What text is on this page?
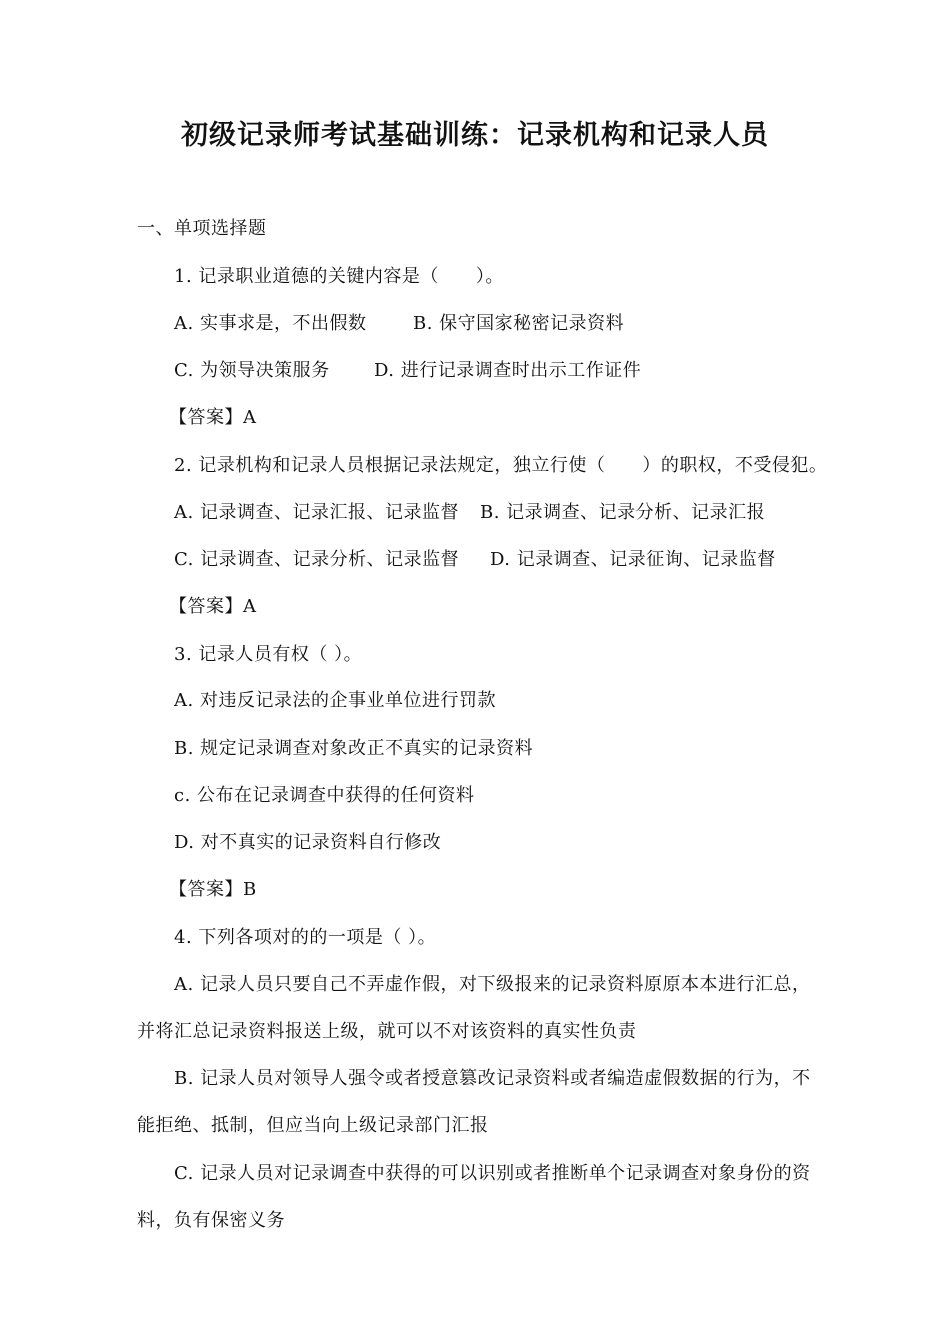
初级记录师考试基础训练：记录机构和记录人员
一、单项选择题
1. 记录职业道德的关键内容是（　　）。
A. 实事求是，不出假数	B. 保守国家秘密记录资料
C. 为领导决策服务 D. 进行记录调查时出示工作证件
【答案】A
2. 记录机构和记录人员根据记录法规定，独立行使（　　）的职权，不受侵犯。
A. 记录调查、记录汇报、记录监督 B. 记录调查、记录分析、记录汇报
C. 记录调查、记录分析、记录监督 D. 记录调查、记录征询、记录监督
【答案】A
3. 记录人员有权（ ）。
A. 对违反记录法的企事业单位进行罚款
B. 规定记录调查对象改正不真实的记录资料
c. 公布在记录调查中获得的任何资料
D. 对不真实的记录资料自行修改
【答案】B
4. 下列各项对的的一项是（ ）。
A. 记录人员只要自己不弄虚作假，对下级报来的记录资料原原本本进行汇总，
并将汇总记录资料报送上级，就可以不对该资料的真实性负责
B. 记录人员对领导人强令或者授意篡改记录资料或者编造虚假数据的行为，不
能拒绝、抵制，但应当向上级记录部门汇报
C. 记录人员对记录调查中获得的可以识别或者推断单个记录调查对象身份的资
料，负有保密义务
